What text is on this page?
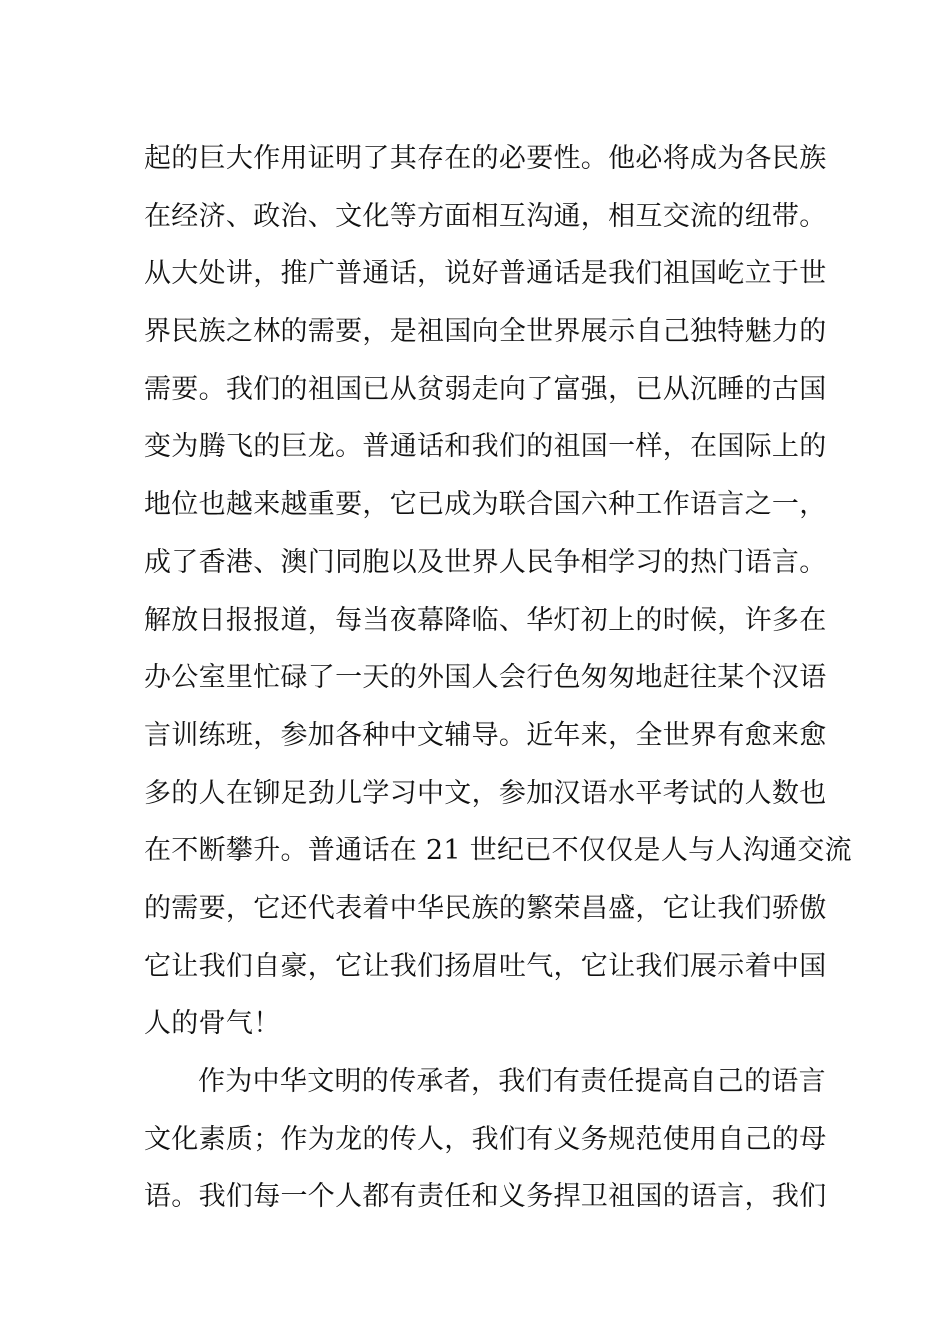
起的巨大作用证明了其存在的必要性。他必将成为各民族
在经济、政治、文化等方面相互沟通，相互交流的纽带。
从大处讲，推广普通话，说好普通话是我们祖国屹立于世
界民族之林的需要，是祖国向全世界展示自己独特魅力的
需要。我们的祖国已从贫弱走向了富强，已从沉睡的古国
变为腾飞的巨龙。普通话和我们的祖国一样，在国际上的
地位也越来越重要，它已成为联合国六种工作语言之一，
成了香港、澳门同胞以及世界人民争相学习的热门语言。
解放日报报道，每当夜幕降临、华灯初上的时候，许多在
办公室里忙碌了一天的外国人会行色匆匆地赶往某个汉语
言训练班，参加各种中文辅导。近年来，全世界有愈来愈
多的人在铆足劲儿学习中文，参加汉语水平考试的人数也
在不断攀升。普通话在 21 世纪已不仅仅是人与人沟通交流
的需要，它还代表着中华民族的繁荣昌盛，它让我们骄傲
它让我们自豪，它让我们扬眉吐气，它让我们展示着中国
人的骨气！
作为中华文明的传承者，我们有责任提高自己的语言
文化素质；作为龙的传人，我们有义务规范使用自己的母
语。我们每一个人都有责任和义务捍卫祖国的语言，我们
